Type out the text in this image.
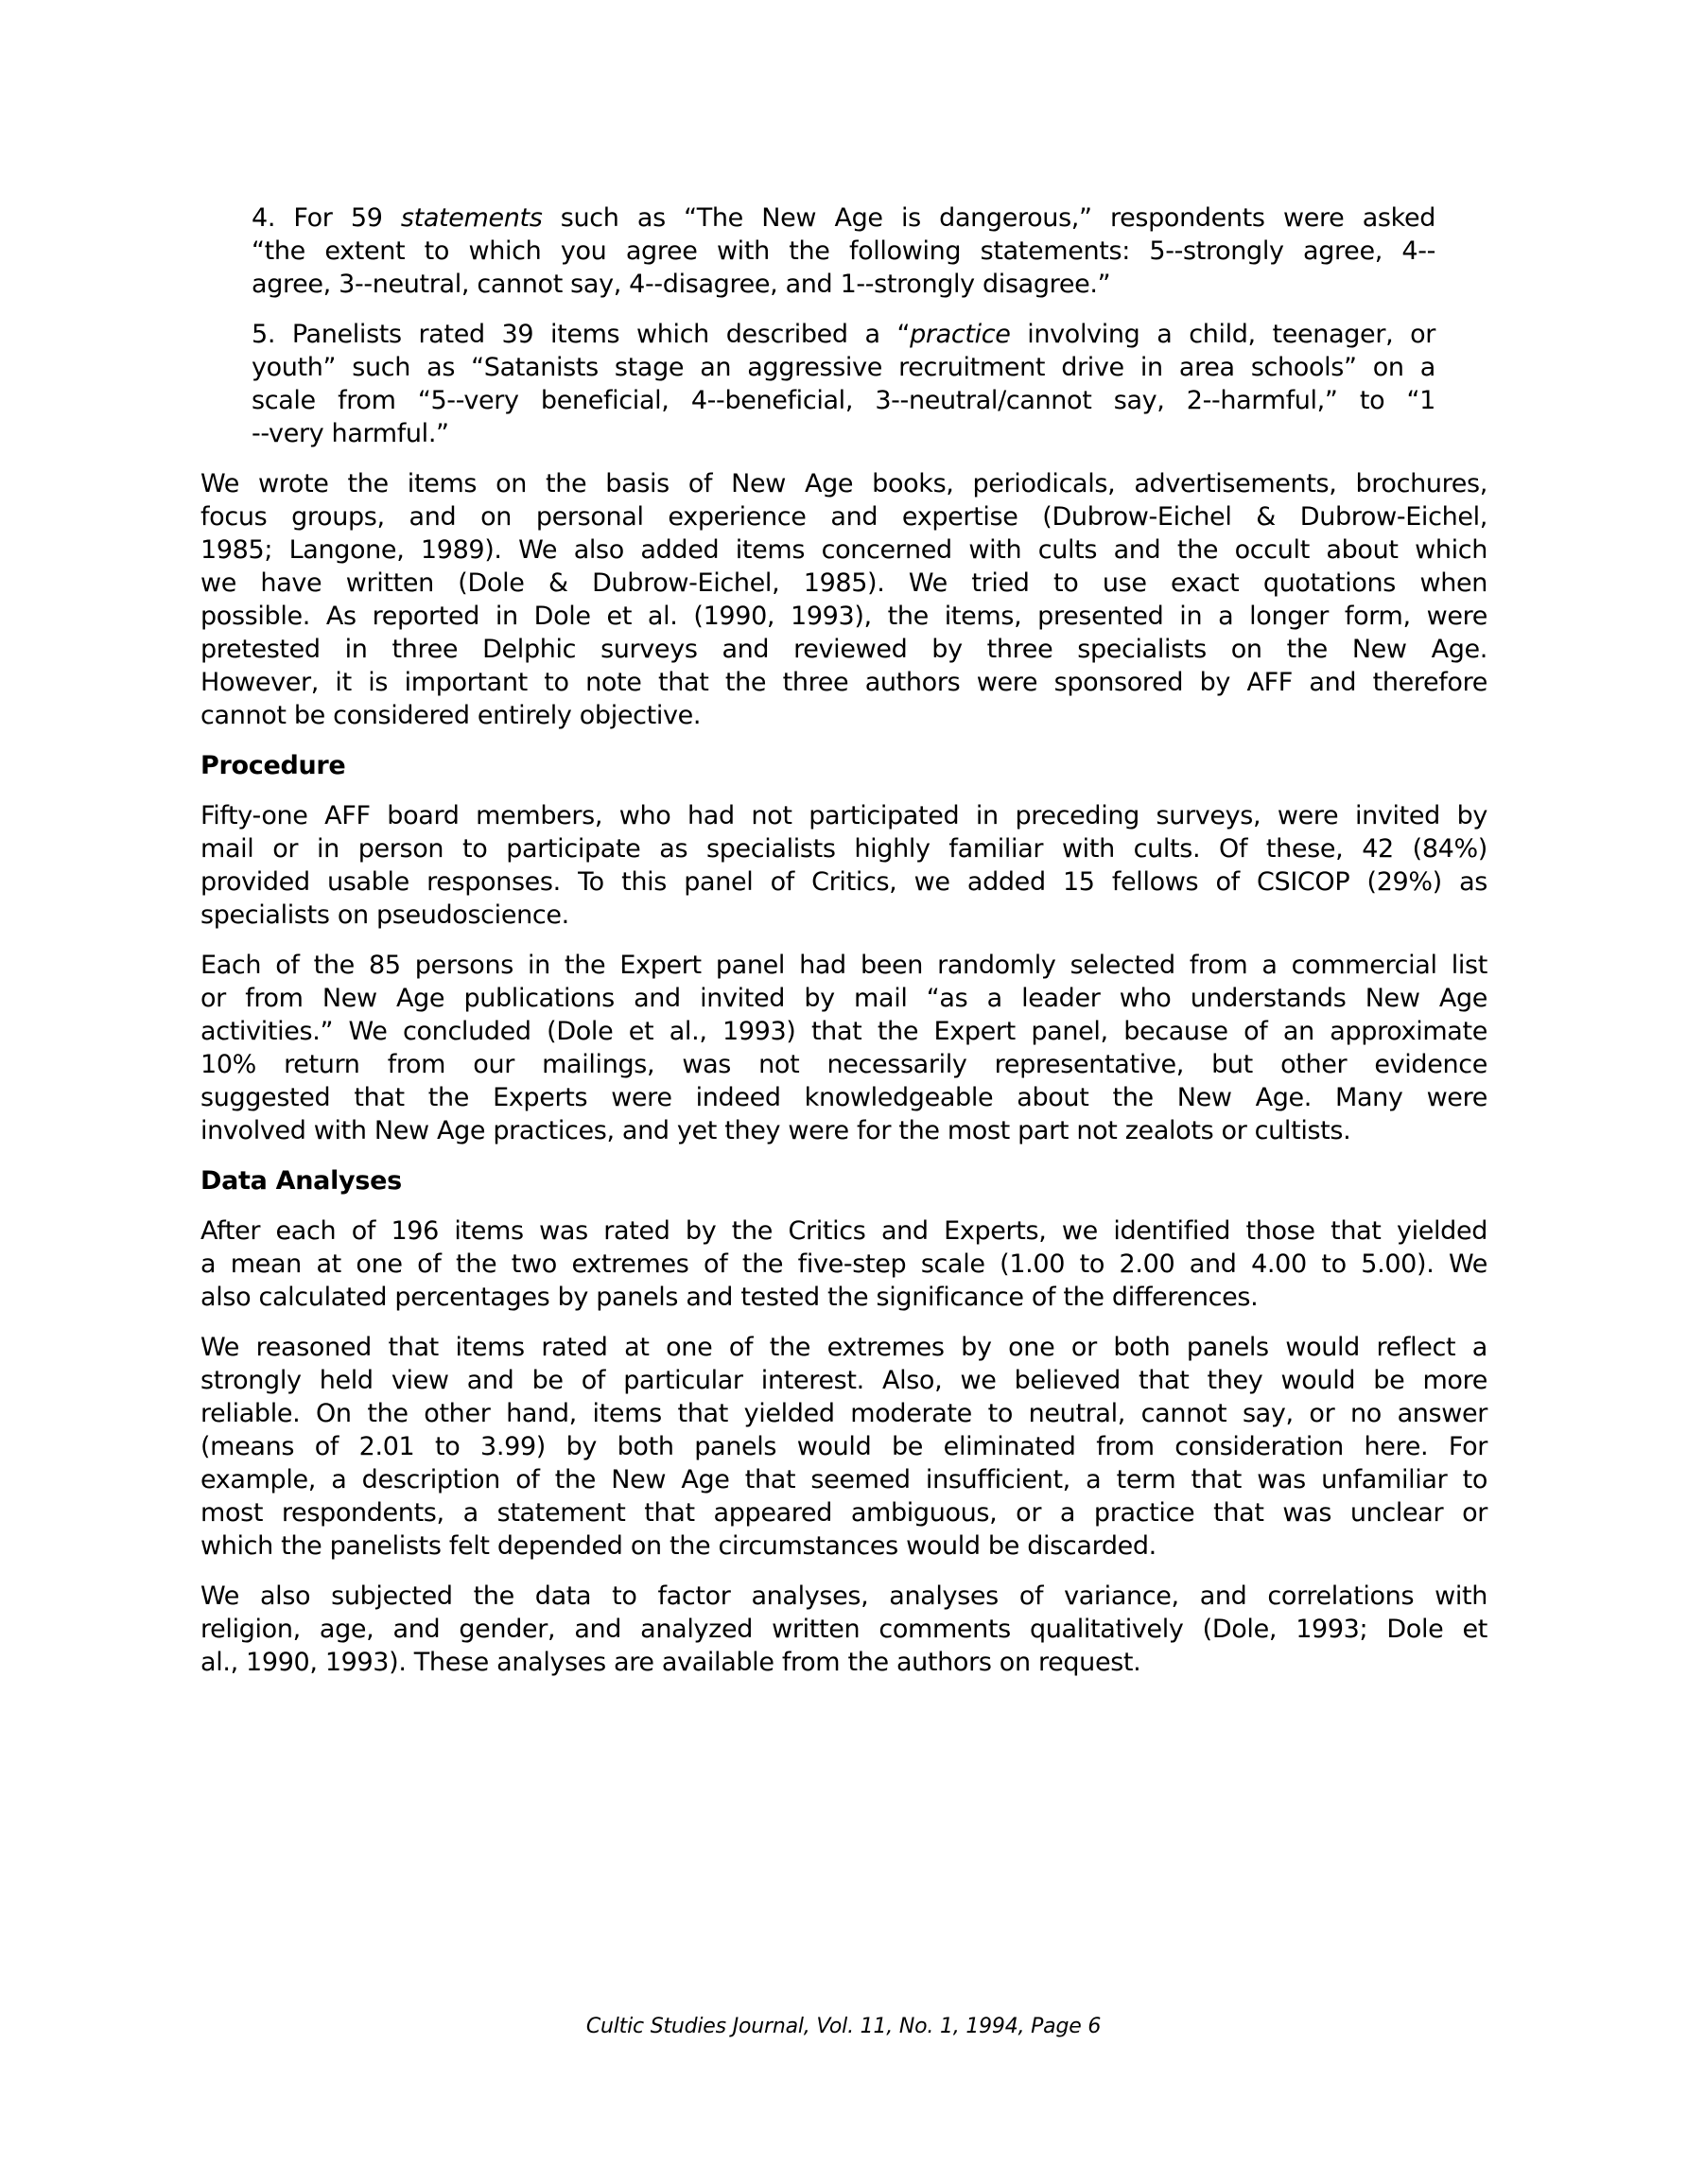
4. For 59 statements such as “The New Age is dangerous,” respondents were asked
“the extent to which you agree with the following statements: 5--strongly agree, 4--
agree, 3--neutral, cannot say, 4--disagree, and 1--strongly disagree.”
5. Panelists rated 39 items which described a “practice involving a child, teenager, or
youth” such as “Satanists stage an aggressive recruitment drive in area schools” on a
scale from “5--very beneficial, 4--beneficial, 3--neutral/cannot say, 2--harmful,” to “1
--very harmful.”
We wrote the items on the basis of New Age books, periodicals, advertisements, brochures,
focus groups, and on personal experience and expertise (Dubrow-Eichel & Dubrow-Eichel,
1985; Langone, 1989). We also added items concerned with cults and the occult about which
we have written (Dole & Dubrow-Eichel, 1985). We tried to use exact quotations when
possible. As reported in Dole et al. (1990, 1993), the items, presented in a longer form, were
pretested in three Delphic surveys and reviewed by three specialists on the New Age.
However, it is important to note that the three authors were sponsored by AFF and therefore
cannot be considered entirely objective.
Procedure
Fifty-one AFF board members, who had not participated in preceding surveys, were invited by
mail or in person to participate as specialists highly familiar with cults. Of these, 42 (84%)
provided usable responses. To this panel of Critics, we added 15 fellows of CSICOP (29%) as
specialists on pseudoscience.
Each of the 85 persons in the Expert panel had been randomly selected from a commercial list
or from New Age publications and invited by mail “as a leader who understands New Age
activities.” We concluded (Dole et al., 1993) that the Expert panel, because of an approximate
10% return from our mailings, was not necessarily representative, but other evidence
suggested that the Experts were indeed knowledgeable about the New Age. Many were
involved with New Age practices, and yet they were for the most part not zealots or cultists.
Data Analyses
After each of 196 items was rated by the Critics and Experts, we identified those that yielded
a mean at one of the two extremes of the five-step scale (1.00 to 2.00 and 4.00 to 5.00). We
also calculated percentages by panels and tested the significance of the differences.
We reasoned that items rated at one of the extremes by one or both panels would reflect a
strongly held view and be of particular interest. Also, we believed that they would be more
reliable. On the other hand, items that yielded moderate to neutral, cannot say, or no answer
(means of 2.01 to 3.99) by both panels would be eliminated from consideration here. For
example, a description of the New Age that seemed insufficient, a term that was unfamiliar to
most respondents, a statement that appeared ambiguous, or a practice that was unclear or
which the panelists felt depended on the circumstances would be discarded.
We also subjected the data to factor analyses, analyses of variance, and correlations with
religion, age, and gender, and analyzed written comments qualitatively (Dole, 1993; Dole et
al., 1990, 1993). These analyses are available from the authors on request.
Cultic Studies Journal, Vol. 11, No. 1, 1994, Page 6
